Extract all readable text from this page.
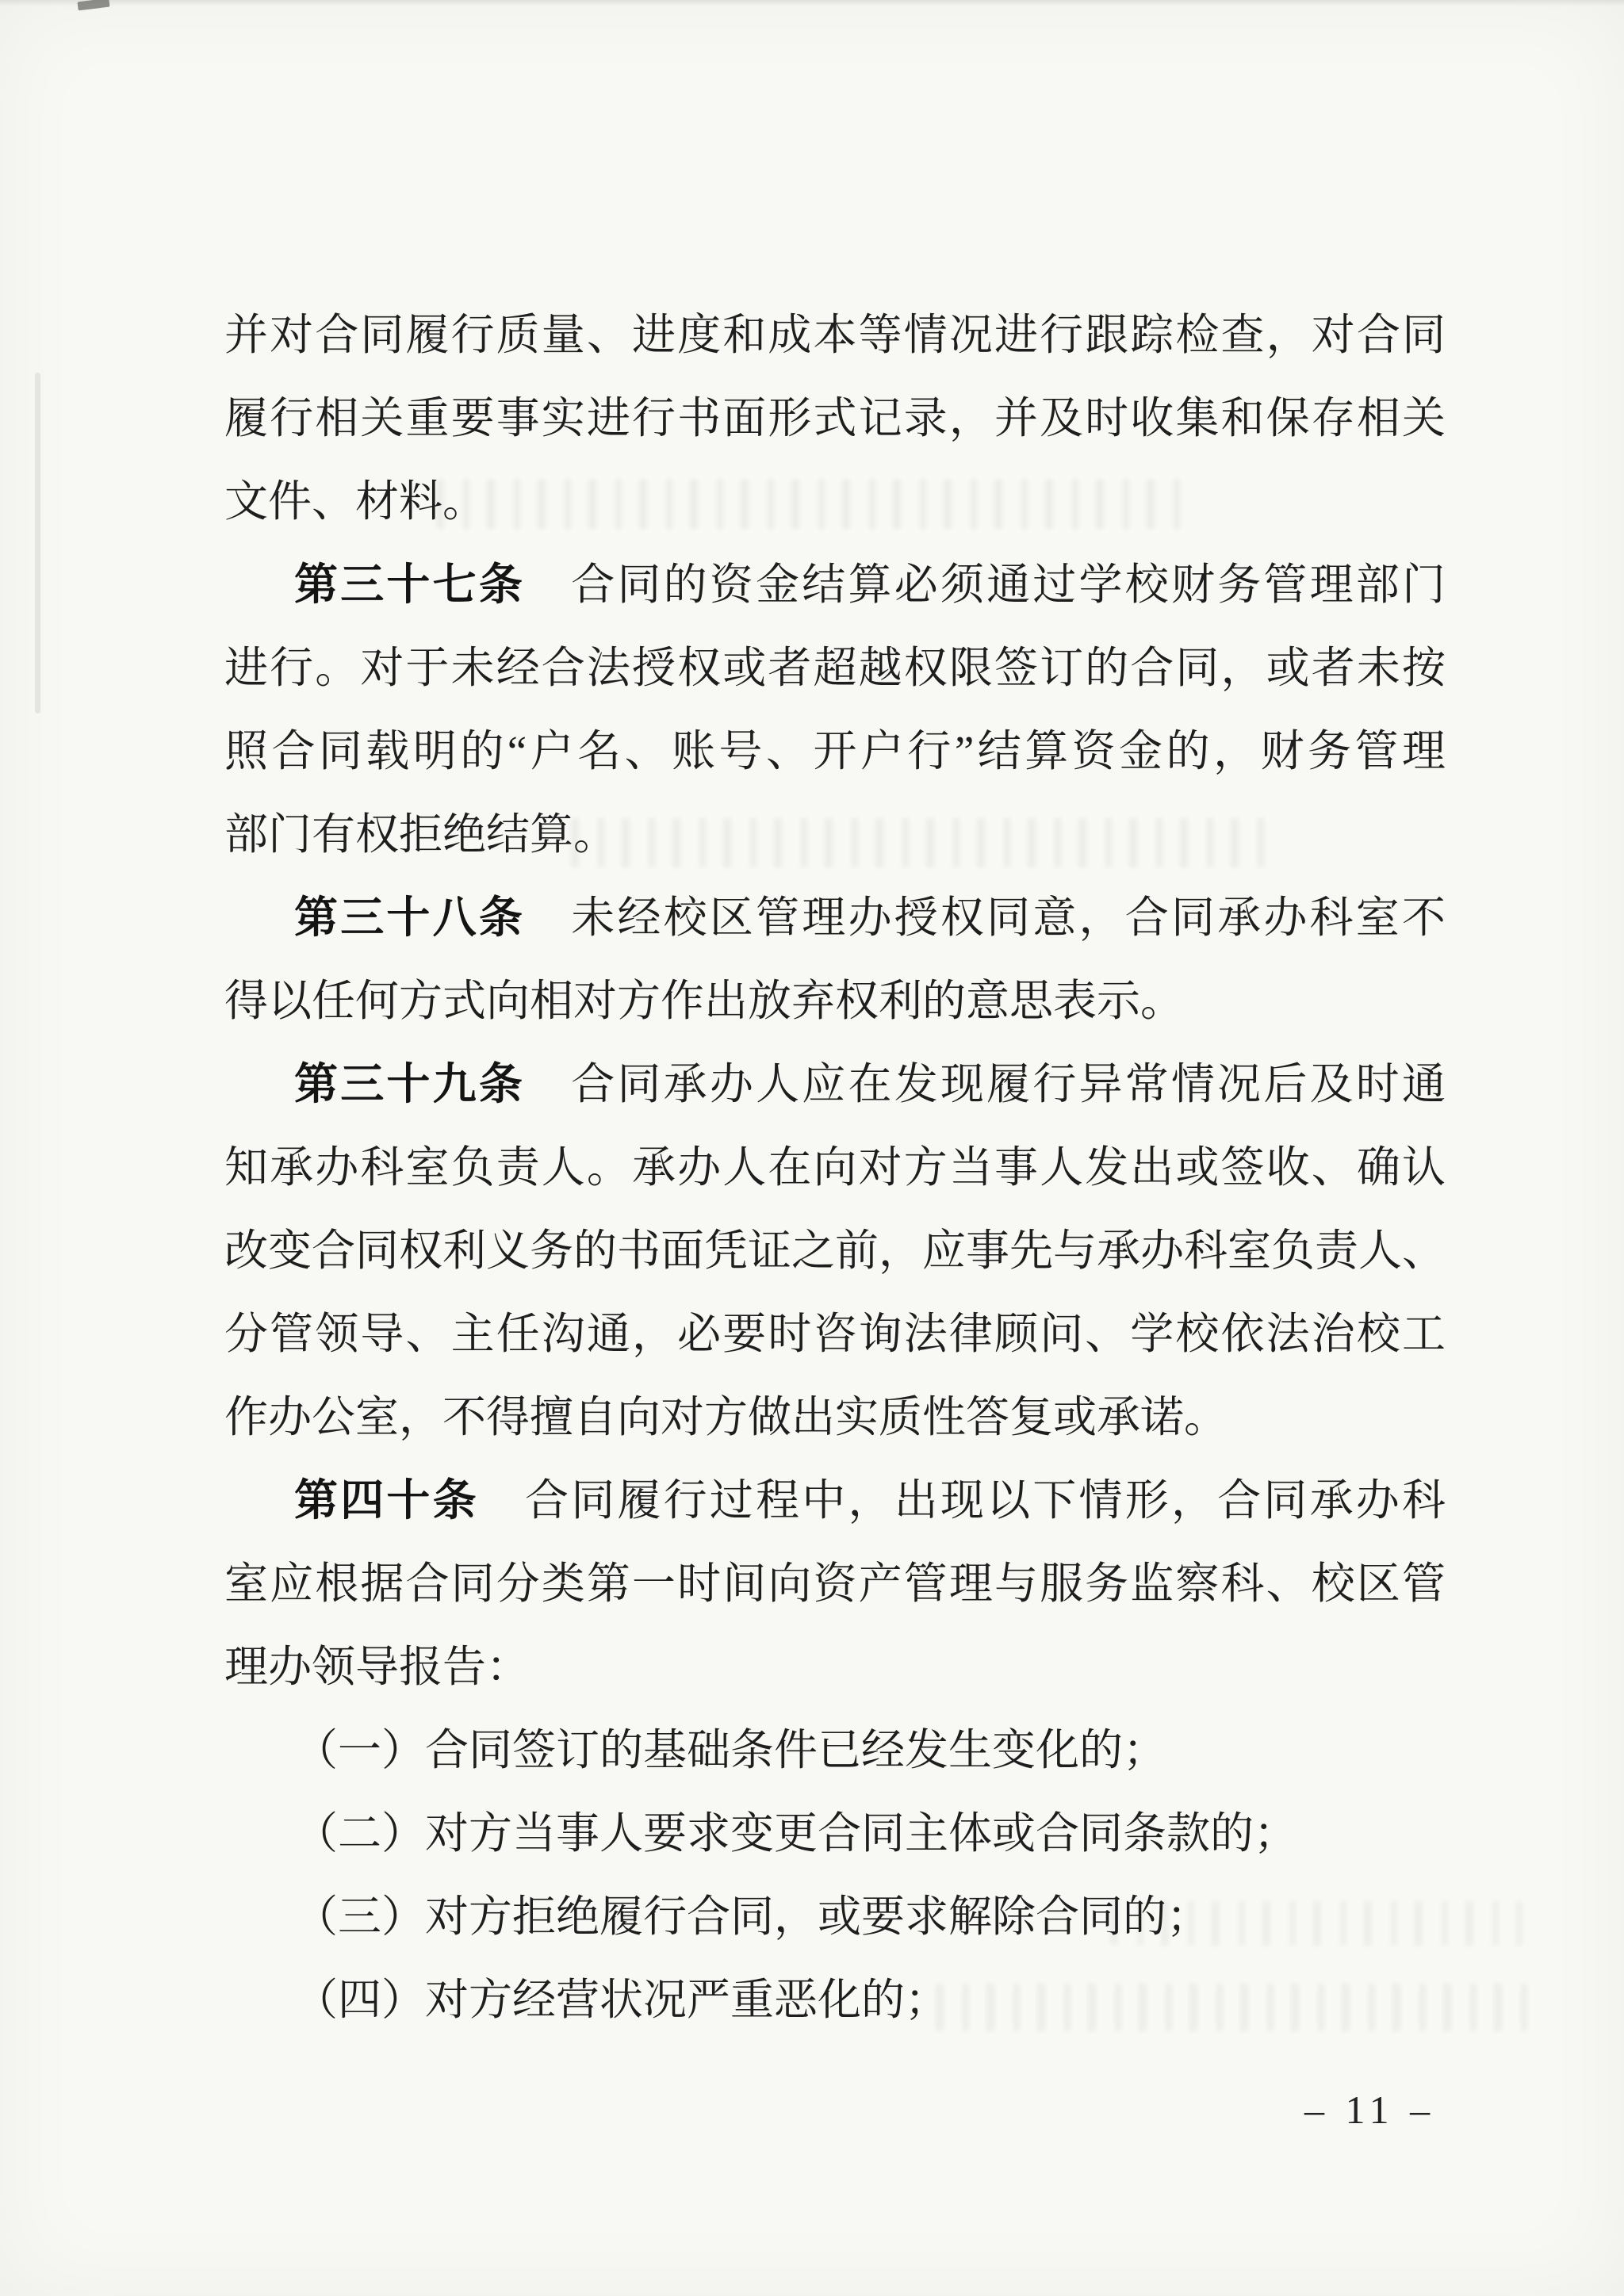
并对合同履行质量、进度和成本等情况进行跟踪检查，对合同
履行相关重要事实进行书面形式记录，并及时收集和保存相关
文件、材料。
第三十七条　合同的资金结算必须通过学校财务管理部门
进行。对于未经合法授权或者超越权限签订的合同，或者未按
照合同载明的“户名、账号、开户行”结算资金的，财务管理
部门有权拒绝结算。
第三十八条　未经校区管理办授权同意，合同承办科室不
得以任何方式向相对方作出放弃权利的意思表示。
第三十九条　合同承办人应在发现履行异常情况后及时通
知承办科室负责人。承办人在向对方当事人发出或签收、确认
改变合同权利义务的书面凭证之前，应事先与承办科室负责人、
分管领导、主任沟通，必要时咨询法律顾问、学校依法治校工
作办公室，不得擅自向对方做出实质性答复或承诺。
第四十条　合同履行过程中，出现以下情形，合同承办科
室应根据合同分类第一时间向资产管理与服务监察科、校区管
理办领导报告：
（一）合同签订的基础条件已经发生变化的；
（二）对方当事人要求变更合同主体或合同条款的；
（三）对方拒绝履行合同，或要求解除合同的；
（四）对方经营状况严重恶化的；
– 11 –
